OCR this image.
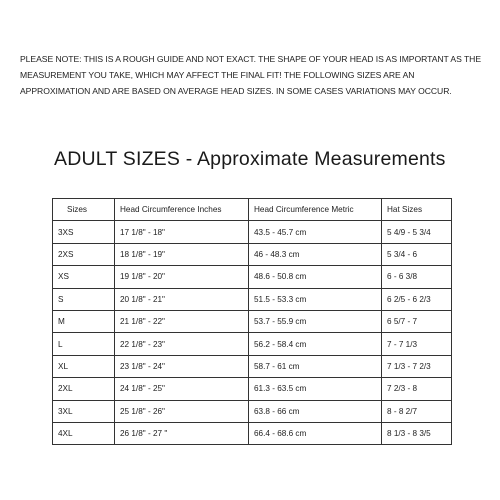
PLEASE NOTE: THIS IS A ROUGH GUIDE AND NOT EXACT. THE SHAPE OF YOUR HEAD IS AS IMPORTANT AS THE MEASUREMENT YOU TAKE, WHICH MAY AFFECT THE FINAL FIT! THE FOLLOWING SIZES ARE AN APPROXIMATION AND ARE BASED ON AVERAGE HEAD SIZES. IN SOME CASES VARIATIONS MAY OCCUR.
ADULT SIZES - Approximate Measurements
Sizes	Head Circumference Inches	Head Circumference Metric	Hat Sizes
3XS	17 1/8" - 18"	43.5 - 45.7 cm	5 4/9 - 5 3/4
2XS	18 1/8" - 19"	46 - 48.3 cm	5 3/4 - 6
XS	19 1/8" - 20"	48.6 - 50.8 cm	6 - 6 3/8
S	20 1/8" - 21"	51.5 - 53.3 cm	6 2/5 - 6 2/3
M	21 1/8" - 22"	53.7 - 55.9 cm	6 5/7 - 7
L	22 1/8" - 23"	56.2 - 58.4 cm	7 - 7 1/3
XL	23 1/8" - 24"	58.7 - 61 cm	7 1/3 - 7 2/3
2XL	24 1/8" - 25"	61.3 - 63.5 cm	7 2/3 - 8
3XL	25 1/8" - 26"	63.8 - 66 cm	8 - 8 2/7
4XL	26 1/8" - 27 "	66.4 - 68.6 cm	8 1/3 - 8 3/5
